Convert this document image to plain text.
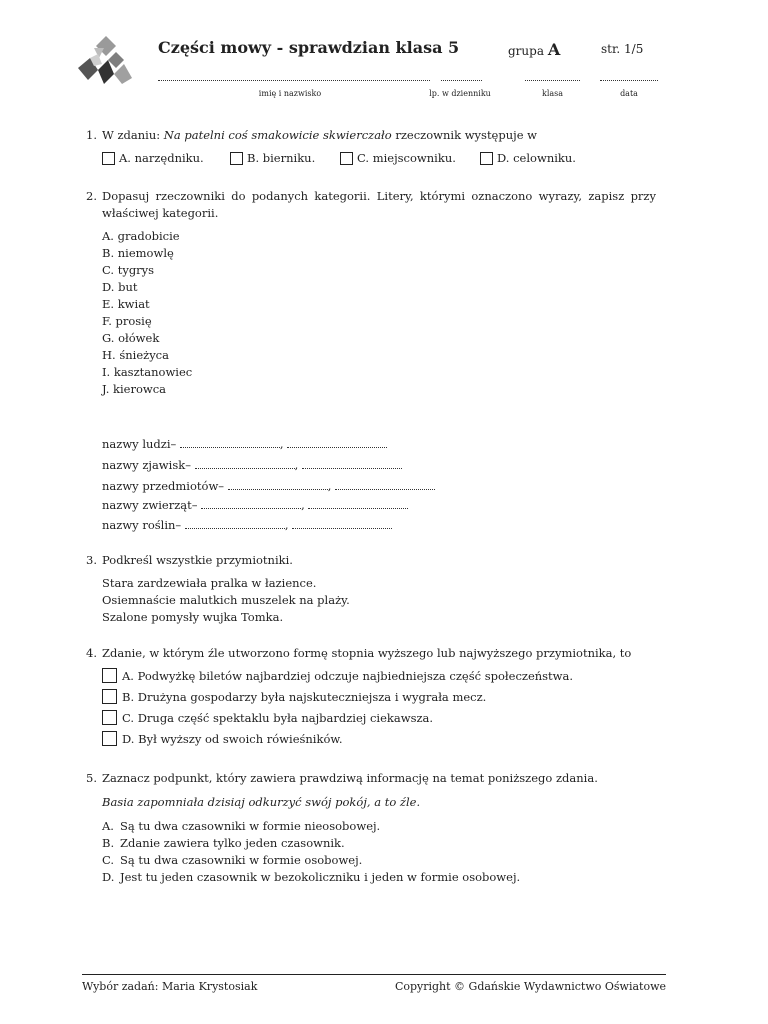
Części mowy - sprawdzian klasa 5	grupa A	str. 1/5
imię i nazwisko	lp. w dzienniku	klasa	data
1. W zdaniu: Na patelni coś smakowicie skwierczało rzeczownik występuje w
A. narzędniku.	B. bierniku.	C. miejscowniku.	D. celowniku.
2. Dopasuj rzeczowniki do podanych kategorii. Litery, którymi oznaczono wyrazy, zapisz przy właściwej kategorii.
A. gradobicie
B. niemowlę
C. tygrys
D. but
E. kwiat
F. prosię
G. ołówek
H. śnieżyca
I. kasztanowiec
J. kierowca
nazwy ludzi–	,
nazwy zjawisk–	,
nazwy przedmiotów–	,
nazwy zwierząt–	,
nazwy roślin–	,
3. Podkreśl wszystkie przymiotniki.
Stara zardzewiała pralka w łazience.
Osiemnaście malutkich muszelek na plaży.
Szalone pomysły wujka Tomka.
4. Zdanie, w którym źle utworzono formę stopnia wyższego lub najwyższego przymiotnika, to
A. Podwyżkę biletów najbardziej odczuje najbiedniejsza część społeczeństwa.
B. Drużyna gospodarzy była najskuteczniejsza i wygrała mecz.
C. Druga część spektaklu była najbardziej ciekawsza.
D. Był wyższy od swoich rówieśników.
5. Zaznacz podpunkt, który zawiera prawdziwą informację na temat poniższego zdania.
Basia zapomniała dzisiaj odkurzyć swój pokój, a to źle.
A. Są tu dwa czasowniki w formie nieosobowej.
B. Zdanie zawiera tylko jeden czasownik.
C. Są tu dwa czasowniki w formie osobowej.
D. Jest tu jeden czasownik w bezokoliczniku i jeden w formie osobowej.
Wybór zadań: Maria Krystosiak	Copyright © Gdańskie Wydawnictwo Oświatowe
